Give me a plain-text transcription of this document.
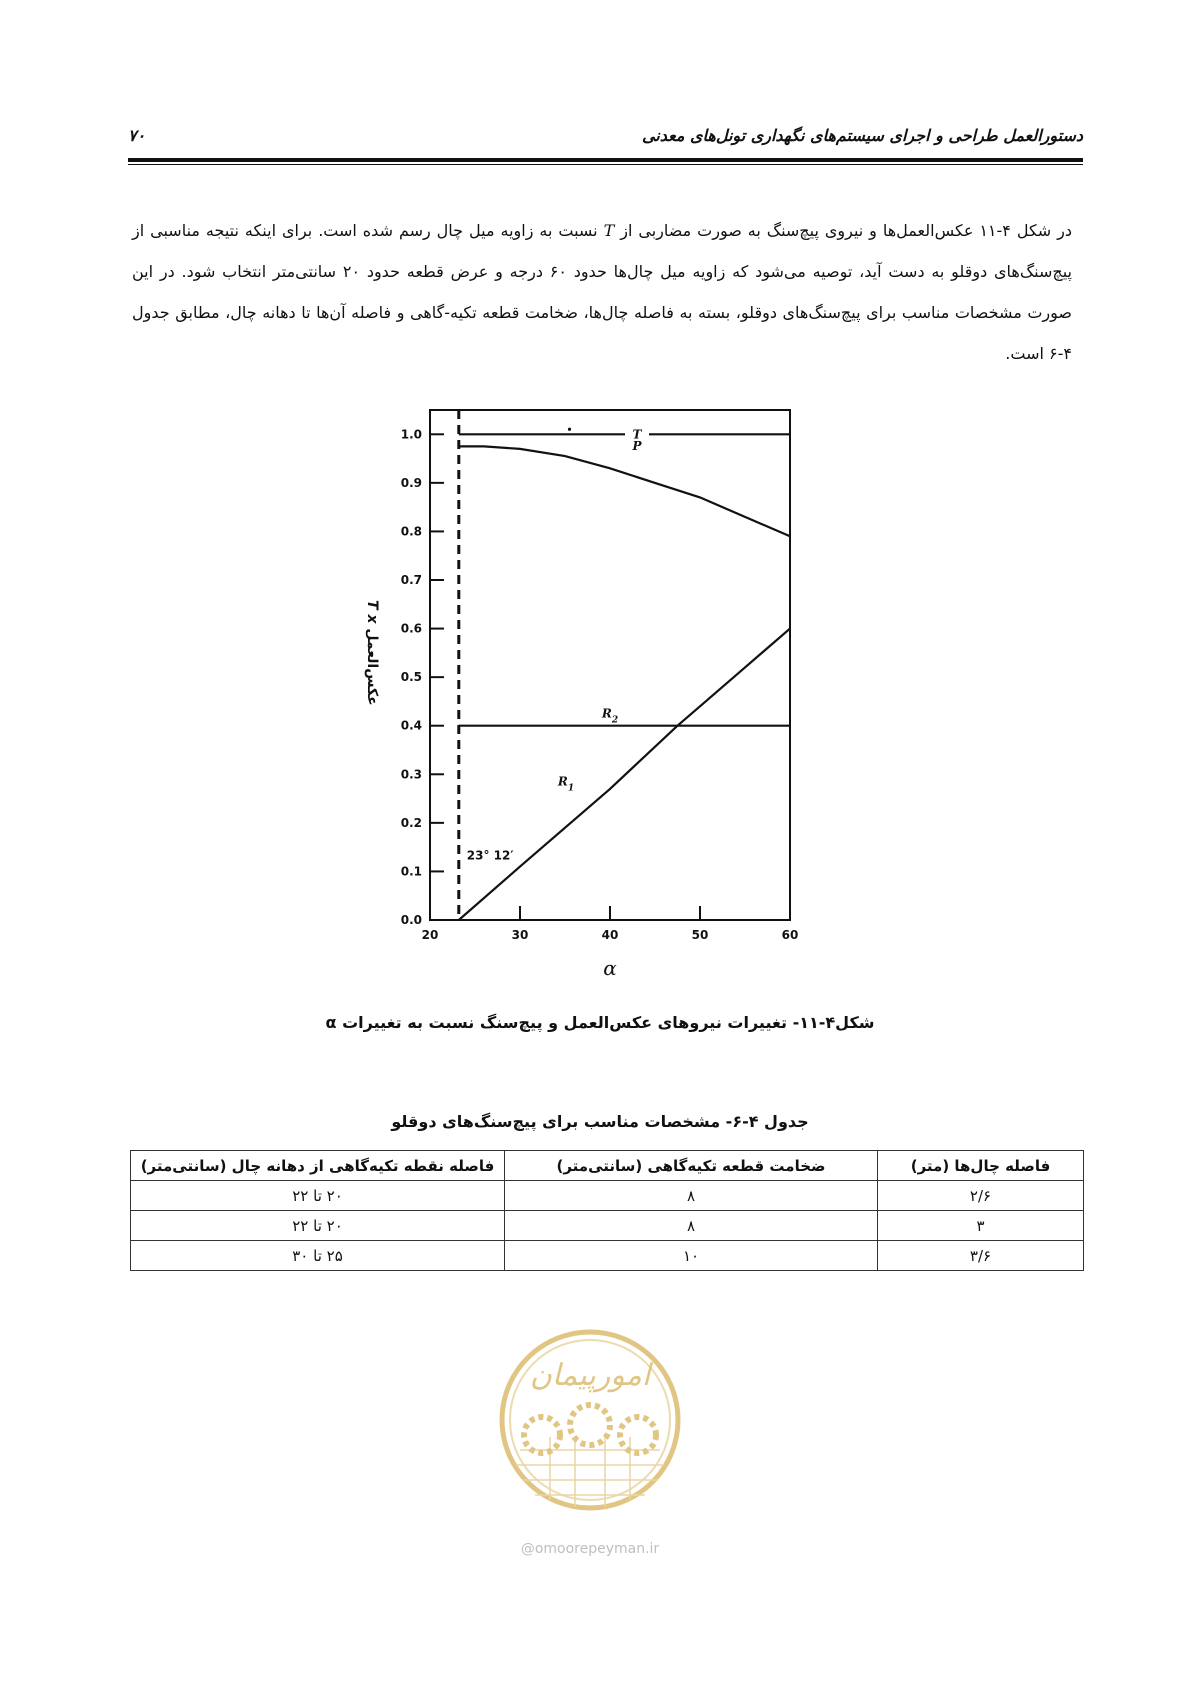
دستورالعمل طراحی و اجرای سیستم‌های نگهداری تونل‌های معدنی
۷۰
در شکل ۴-۱۱ عکس‌العمل‌ها و نیروی پیچ‌سنگ به صورت مضاربی از T نسبت به زاویه میل چال رسم شده است. برای اینکه نتیجه مناسبی از پیچ‌سنگ‌های دوقلو به دست آید، توصیه می‌شود که زاویه میل چال‌ها حدود ۶۰ درجه و عرض قطعه حدود ۲۰ سانتی‌متر انتخاب شود. در این صورت مشخصات مناسب برای پیچ‌سنگ‌های دوقلو، بسته به فاصله چال‌ها، ضخامت قطعه تکیه-گاهی و فاصله آن‌ها تا دهانه چال، مطابق جدول ۴-۶ است.
0.0
0.1
0.2
0.3
0.4
0.5
0.6
0.7
0.8
0.9
1.0
20	30	40	50	60
23° 12′
T
P
$R_2$
$R_1$
α
T x عکس‌العمل
شکل۴-۱۱- تغییرات نیروهای عکس‌العمل و پیچ‌سنگ نسبت به تغییرات α
جدول ۴-۶- مشخصات مناسب برای پیچ‌سنگ‌های دوقلو
فاصله چال‌ها (متر)	ضخامت قطعه تکیه‌گاهی (سانتی‌متر)	فاصله نقطه تکیه‌گاهی از دهانه چال (سانتی‌متر)
۲/۶	۸	۲۰ تا ۲۲
۳	۸	۲۰ تا ۲۲
۳/۶	۱۰	۲۵ تا ۳۰
امورپیمان
@omoorepeyman.ir
